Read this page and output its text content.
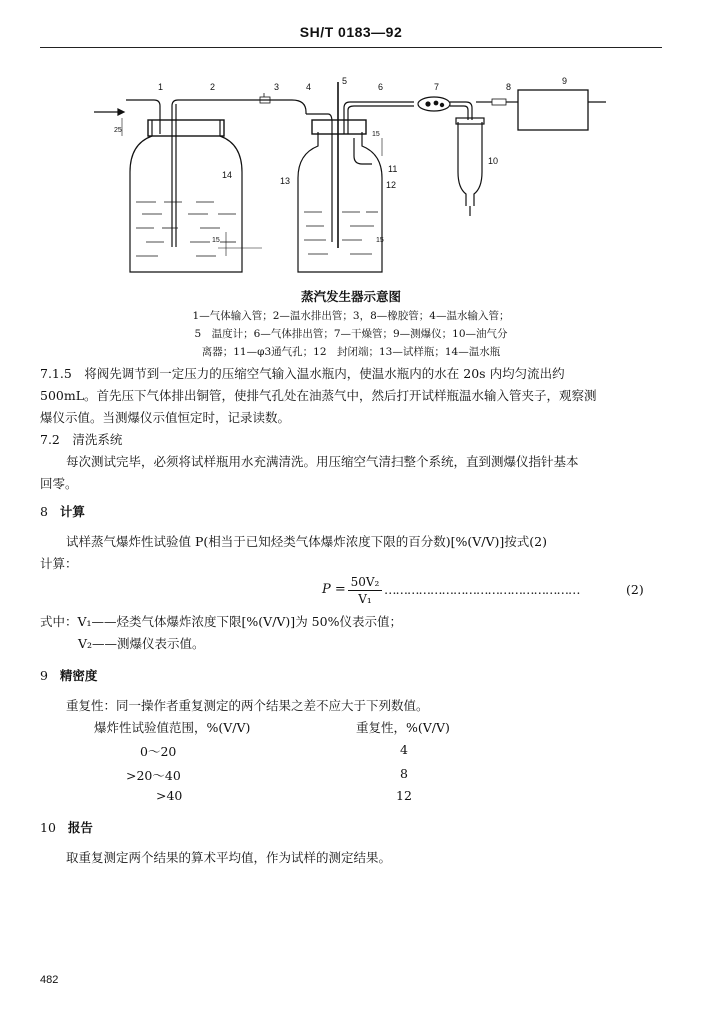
SH/T 0183—92
1	2	3	4
5
6	7	8
9
10
11
12
13
14
25
15
15	15
蒸汽发生器示意图
1—气体输入管；2—温水排出管；3，8—橡胶管；4—温水输入管；
5　温度计；6—气体排出管；7—干燥管；9—测爆仪；10—油气分
离器；11—φ3通气孔；12　封闭端；13—试样瓶；14—温水瓶
7.1.5　将阀先调节到一定压力的压缩空气输入温水瓶内，使温水瓶内的水在 20s 内均匀流出约
500mL。首先压下气体排出铜管，使排气孔处在油蒸气中，然后打开试样瓶温水输入管夹子，观察测
爆仪示值。当测爆仪示值恒定时，记录读数。
7.2　清洗系统
每次测试完毕，必须将试样瓶用水充满清洗。用压缩空气清扫整个系统，直到测爆仪指针基本
回零。
8 计算
试样蒸气爆炸性试验值 P(相当于已知烃类气体爆炸浓度下限的百分数)[%(V/V)]按式(2)
计算：
$P = \frac{\text{50V₂}}{\text{V₁}}$ ……………………………………………	(2)
式中：V₁——烃类气体爆炸浓度下限[%(V/V)]为 50%仪表示值；
V₂——测爆仪表示值。
9 精密度
重复性：同一操作者重复测定的两个结果之差不应大于下列数值。
爆炸性试验值范围，%(V/V)	重复性，%(V/V)
0～20	4
>20～40	8
>40	12
10 报告
取重复测定两个结果的算术平均值，作为试样的测定结果。
482
